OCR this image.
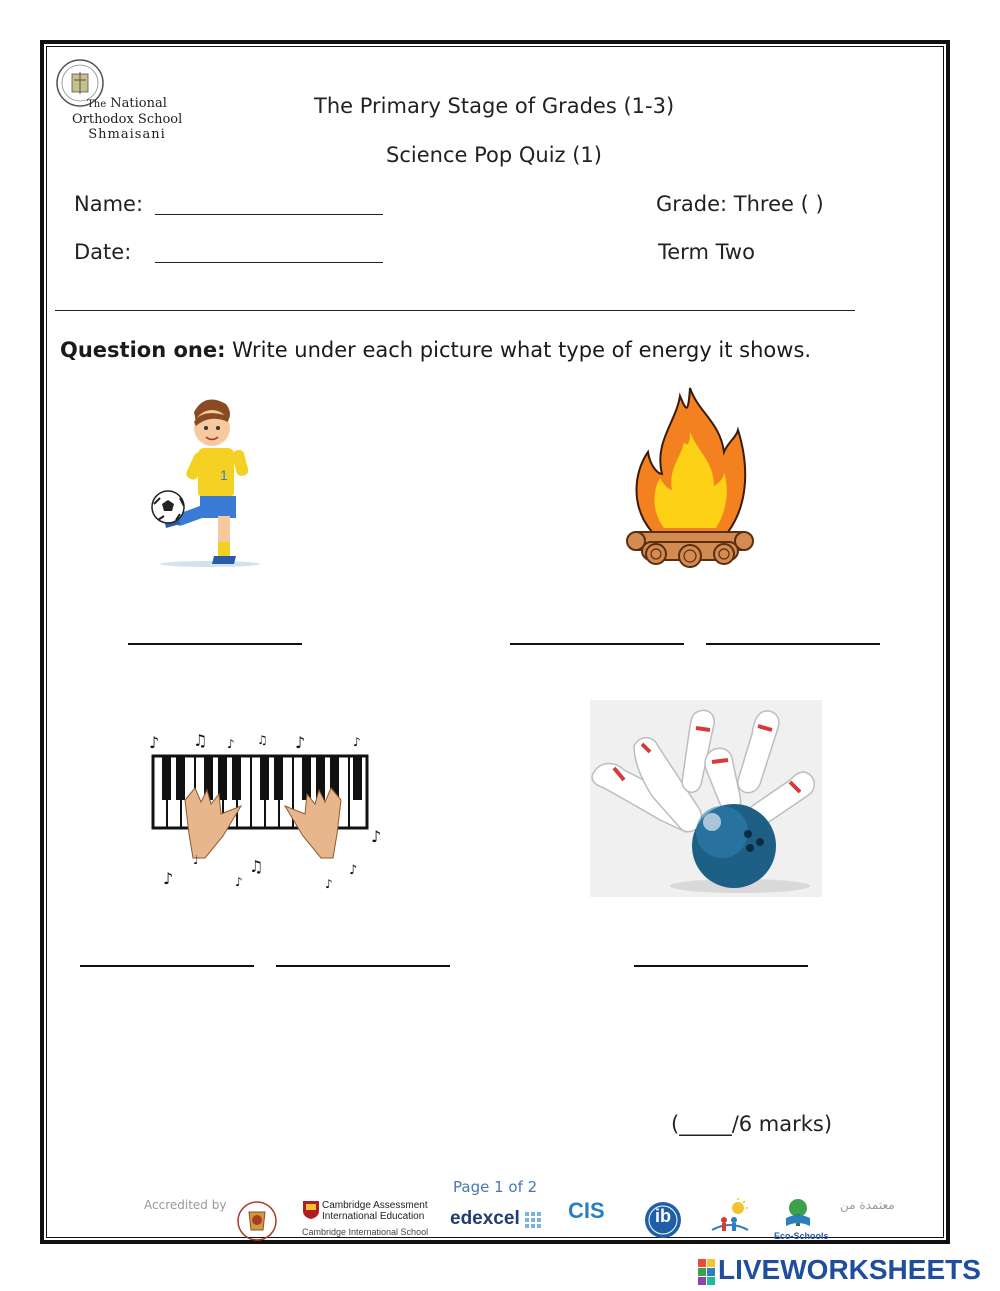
The National
Orthodox School
Shmaisani
The Primary Stage of Grades (1-3)
Science Pop Quiz (1)
Name:	Grade: Three ( )
Date:	Term Two
Question one: Write under each picture what type of energy it shows.
1
♪ ♫ ♪ ♫ ♪	♪
♪
♪
♩	♫
♪	♪
♪
(_____/6 marks)
Page 1 of 2
Accredited by	معتمدة من
Cambridge Assessment
International Education
Cambridge International School
edexcel CIS	ib
Eco-Schools
LIVEWORKSHEETS
